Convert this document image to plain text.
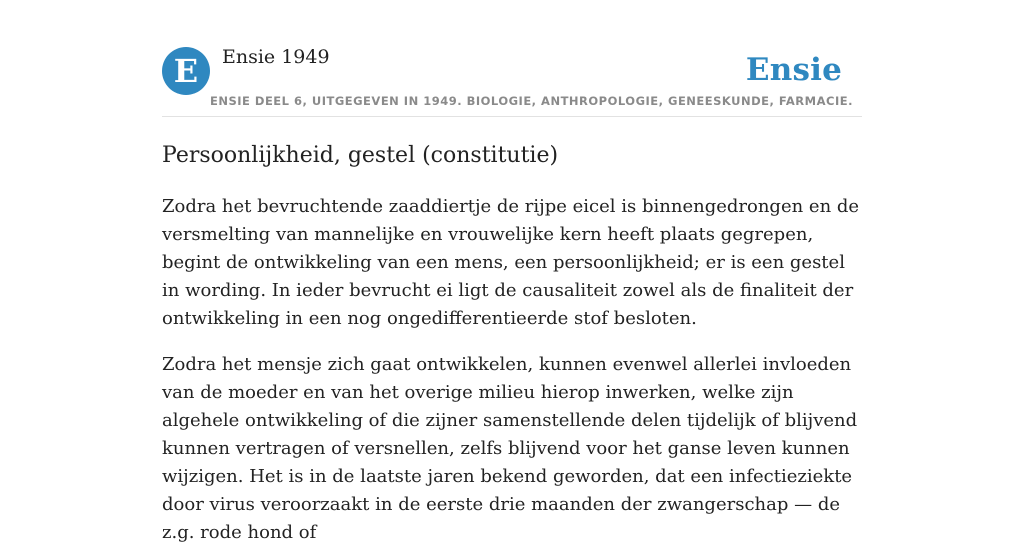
E	Ensie 1949	Ensie
ENSIE DEEL 6, UITGEGEVEN IN 1949. BIOLOGIE, ANTHROPOLOGIE, GENEESKUNDE, FARMACIE.
Persoonlijkheid, gestel (constitutie)

Zodra het bevruchtende zaaddiertje de rijpe eicel is binnengedrongen en de versmelting van mannelijke en vrouwelijke kern heeft plaats gegrepen, begint de ontwikkeling van een mens, een persoonlijkheid; er is een gestel in wording. In ieder bevrucht ei ligt de causaliteit zowel als de finaliteit der ontwikkeling in een nog ongedifferentieerde stof besloten.

Zodra het mensje zich gaat ontwikkelen, kunnen evenwel allerlei invloeden van de moeder en van het overige milieu hierop inwerken, welke zijn algehele ontwikkeling of die zijner samenstellende delen tijdelijk of blijvend kunnen vertragen of versnellen, zelfs blijvend voor het ganse leven kunnen wijzigen. Het is in de laatste jaren bekend geworden, dat een infectieziekte door virus veroorzaakt in de eerste drie maanden der zwangerschap — de z.g. rode hond of
